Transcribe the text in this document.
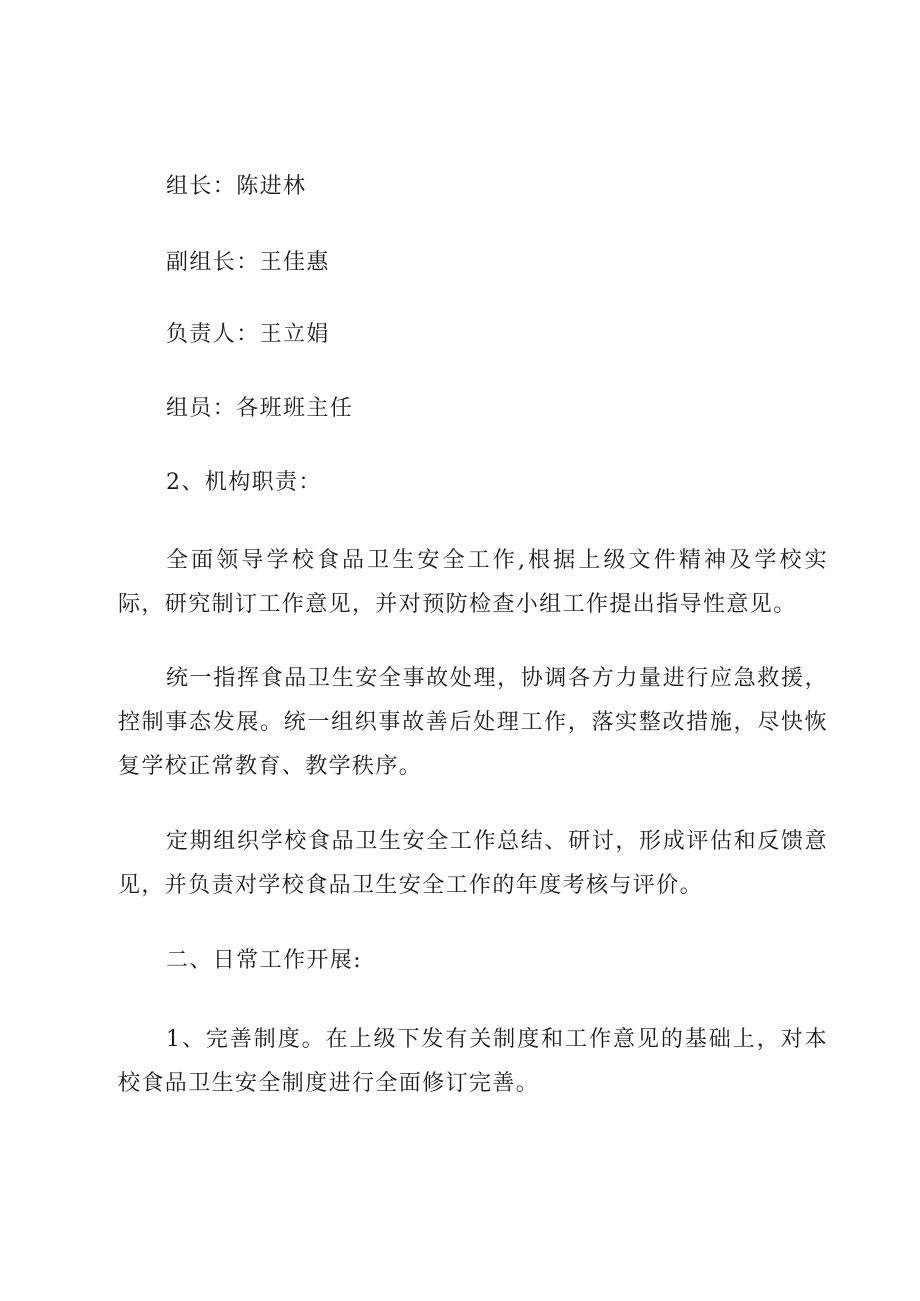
组长：陈进林

副组长：王佳惠

负责人：王立娟

组员：各班班主任

2、机构职责：

全面领导学校食品卫生安全工作,根据上级文件精神及学校实际，研究制订工作意见，并对预防检查小组工作提出指导性意见。

统一指挥食品卫生安全事故处理，协调各方力量进行应急救援，控制事态发展。统一组织事故善后处理工作，落实整改措施，尽快恢复学校正常教育、教学秩序。

定期组织学校食品卫生安全工作总结、研讨，形成评估和反馈意见，并负责对学校食品卫生安全工作的年度考核与评价。

二、日常工作开展:

1、完善制度。在上级下发有关制度和工作意见的基础上，对本校食品卫生安全制度进行全面修订完善。
